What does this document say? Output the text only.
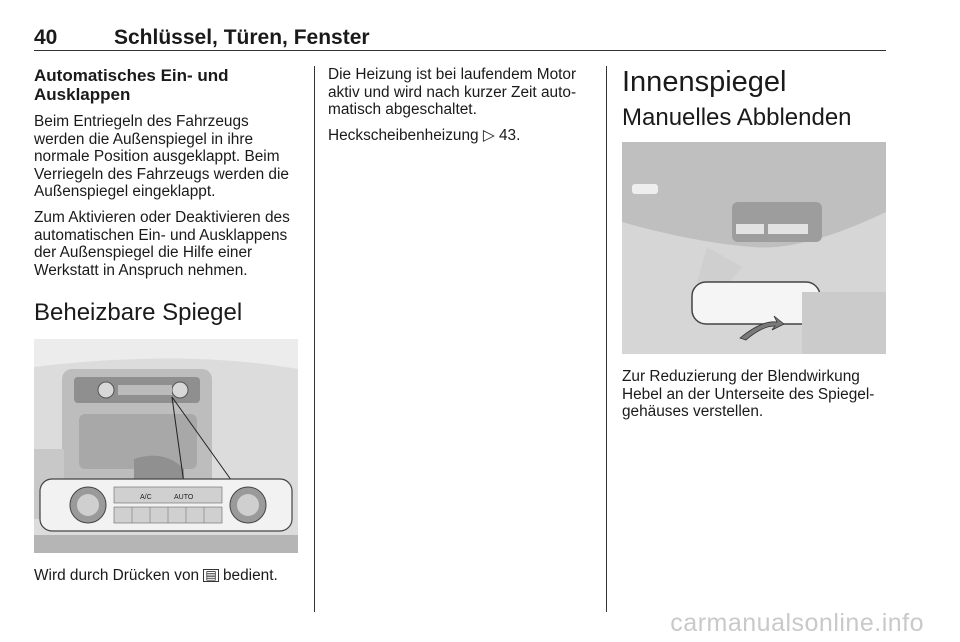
40	Schlüssel, Türen, Fenster
Automatisches Ein- und Ausklappen

Beim Entriegeln des Fahrzeugs werden die Außenspiegel in ihre normale Position ausgeklappt. Beim Verriegeln des Fahrzeugs werden die Außenspiegel eingeklappt.

Zum Aktivieren oder Deaktivieren des automatischen Ein- und Ausklappens der Außenspiegel die Hilfe einer Werkstatt in Anspruch nehmen.

Beheizbare Spiegel
A/C	AUTO

Wird durch Drücken von ▤ bedient.

Die Heizung ist bei laufendem Motor aktiv und wird nach kurzer Zeit auto-matisch abgeschaltet.

Heckscheibenheizung ▷ 43.

Innenspiegel
Manuelles Abblenden

Zur Reduzierung der Blendwirkung Hebel an der Unterseite des Spiegel-gehäuses verstellen.

carmanualsonline.info
